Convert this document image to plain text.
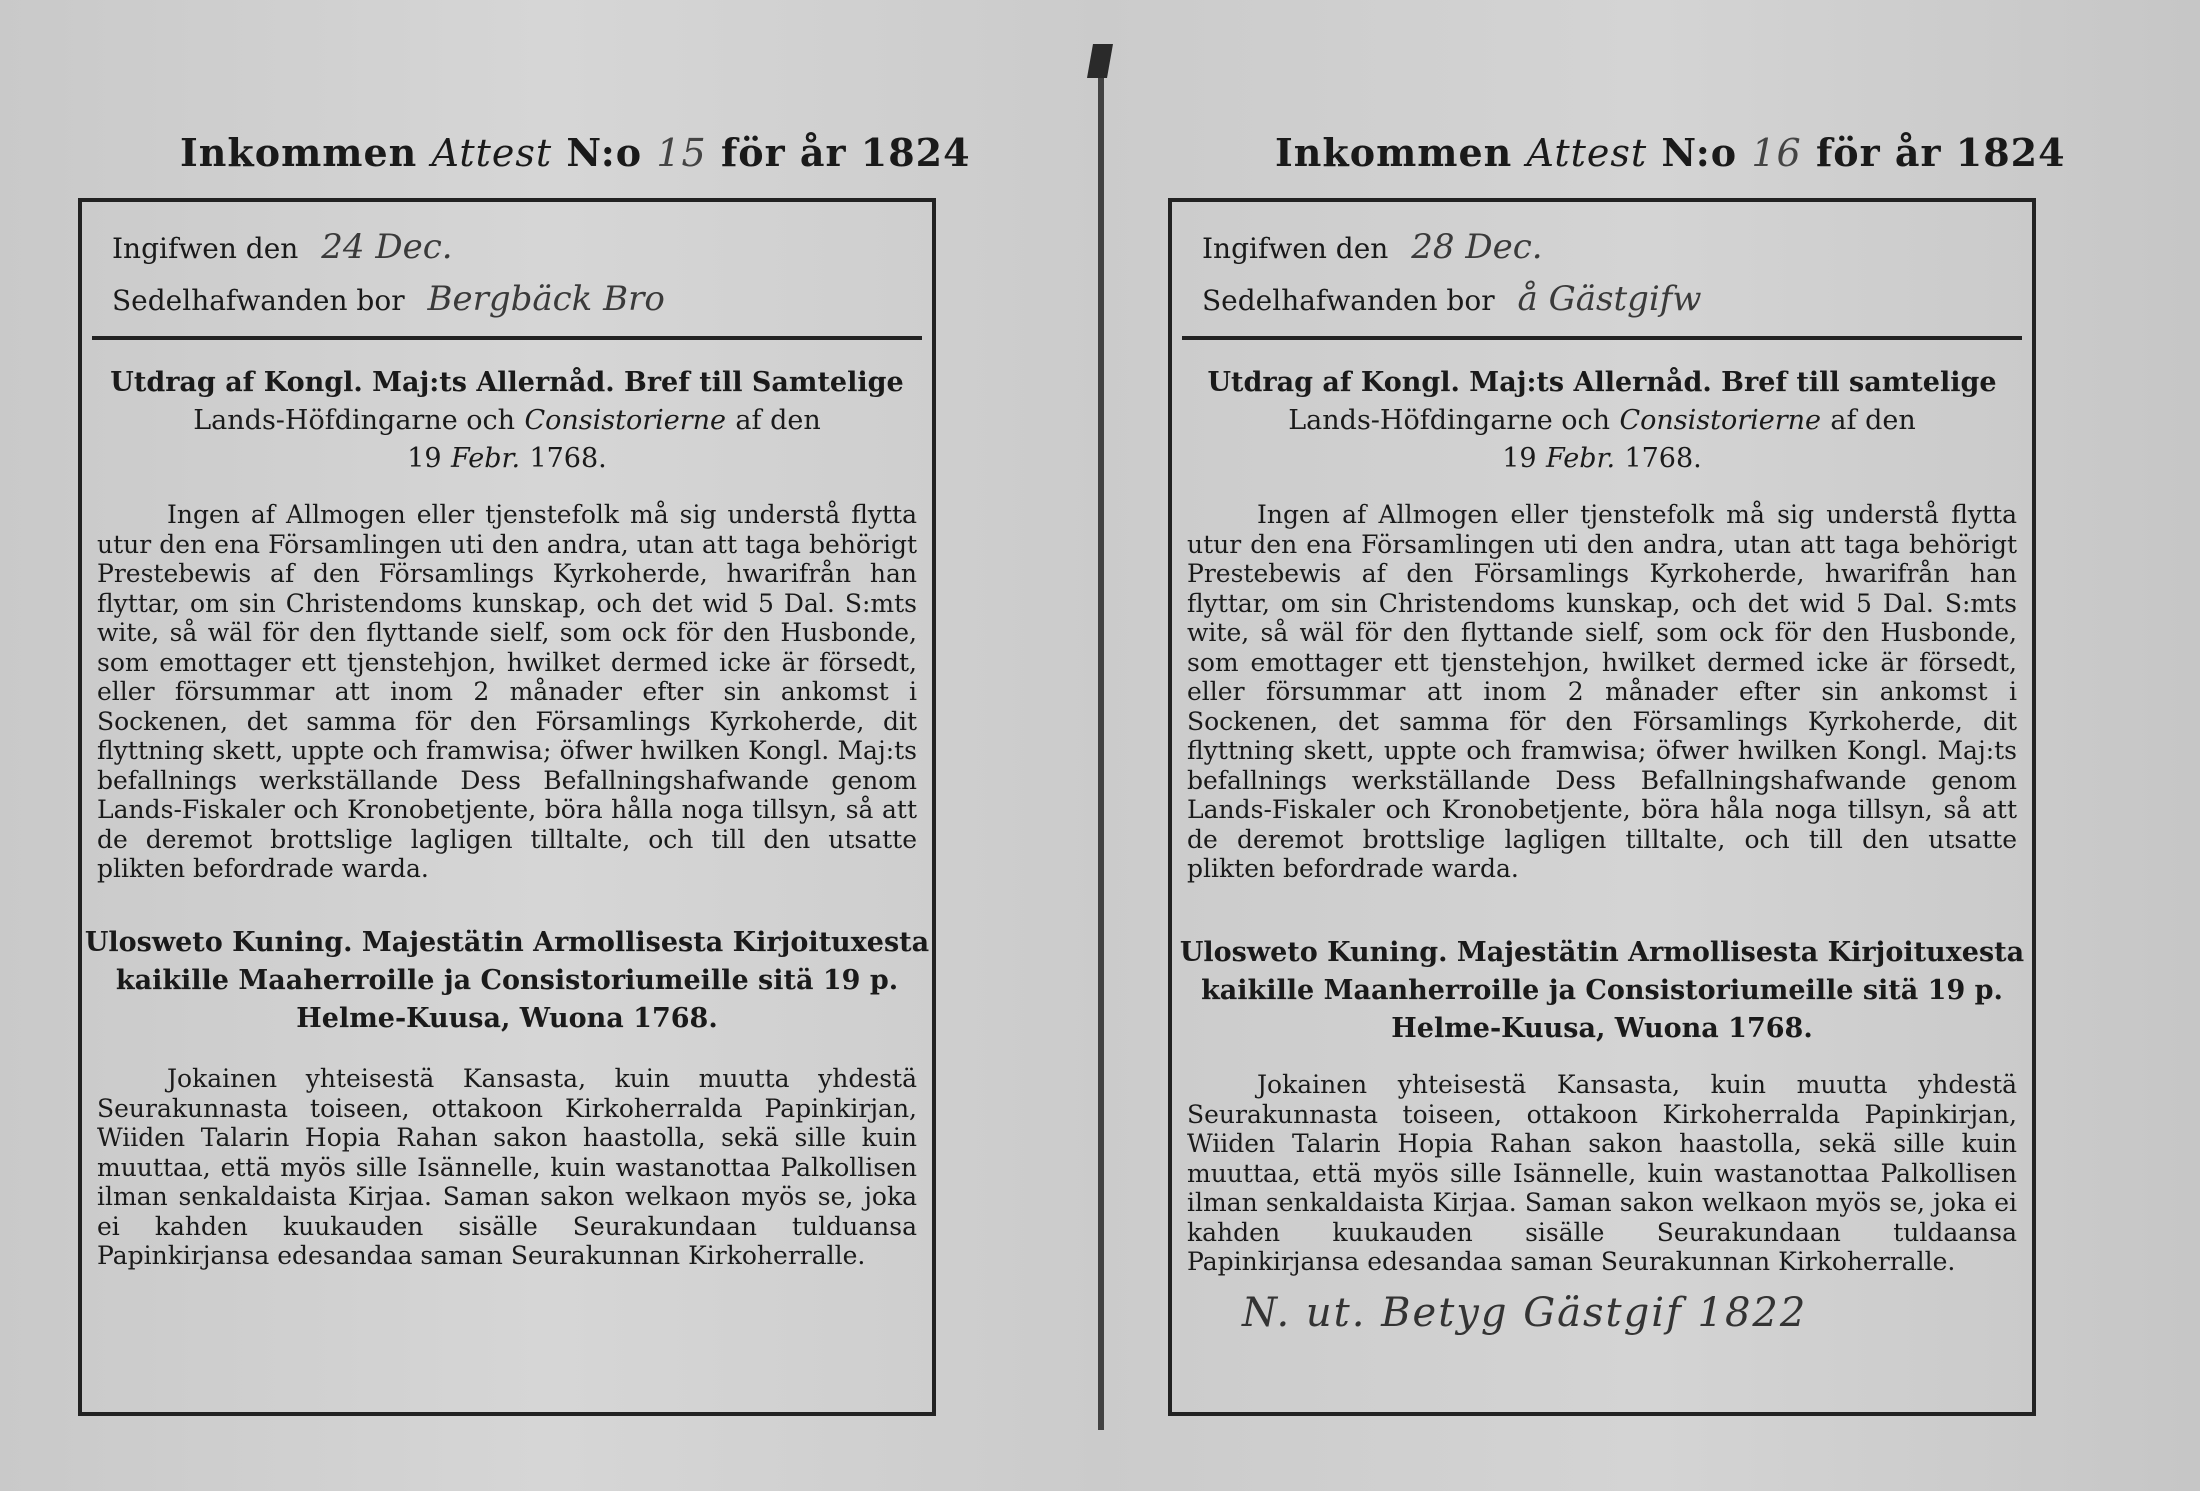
Inkommen Attest N:o 15 för år 1824
Ingifwen den 24 Dec.
Sedelhafwanden bor Bergbäck Bro
Utdrag af Kongl. Maj:ts Allernåd. Bref till Samtelige
Lands-Höfdingarne och Consistorierne af den
19 Febr. 1768.
Ingen af Allmogen eller tjenstefolk må sig understå flytta utur den ena Församlingen uti den andra, utan att taga behörigt Prestebewis af den Församlings Kyrkoherde, hwarifrån han flyttar, om sin Christendoms kunskap, och det wid 5 Dal. S:mts wite, så wäl för den flyttande sielf, som ock för den Husbonde, som emottager ett tjenstehjon, hwilket dermed icke är försedt, eller försummar att inom 2 månader efter sin ankomst i Sockenen, det samma för den Församlings Kyrkoherde, dit flyttning skett, uppte och framwisa; öfwer hwilken Kongl. Maj:ts befallnings werkställande Dess Befallningshafwande genom Lands-Fiskaler och Kronobetjente, böra hålla noga tillsyn, så att de deremot brottslige lagligen tilltalte, och till den utsatte plikten befordrade warda.
Ulosweto Kuning. Majestätin Armollisesta Kirjoituxesta
kaikille Maaherroille ja Consistoriumeille sitä 19 p.
Helme-Kuusa, Wuona 1768.
Jokainen yhteisestä Kansasta, kuin muutta yhdestä Seurakunnasta toiseen, ottakoon Kirkoherralda Papinkirjan, Wiiden Talarin Hopia Rahan sakon haastolla, sekä sille kuin muuttaa, että myös sille Isännelle, kuin wastanottaa Palkollisen ilman senkaldaista Kirjaa. Saman sakon welkaon myös se, joka ei kahden kuukauden sisälle Seurakundaan tulduansa Papinkirjansa edesandaa saman Seurakunnan Kirkoherralle.
Inkommen Attest N:o 16 för år 1824
Ingifwen den 28 Dec.
Sedelhafwanden bor å Gästgifw
Utdrag af Kongl. Maj:ts Allernåd. Bref till samtelige
Lands-Höfdingarne och Consistorierne af den
19 Febr. 1768.
Ingen af Allmogen eller tjenstefolk må sig understå flytta utur den ena Församlingen uti den andra, utan att taga behörigt Prestebewis af den Församlings Kyrkoherde, hwarifrån han flyttar, om sin Christendoms kunskap, och det wid 5 Dal. S:mts wite, så wäl för den flyttande sielf, som ock för den Husbonde, som emottager ett tjenstehjon, hwilket dermed icke är försedt, eller försummar att inom 2 månader efter sin ankomst i Sockenen, det samma för den Församlings Kyrkoherde, dit flyttning skett, uppte och framwisa; öfwer hwilken Kongl. Maj:ts befallnings werkställande Dess Befallningshafwande genom Lands-Fiskaler och Kronobetjente, böra håla noga tillsyn, så att de deremot brottslige lagligen tilltalte, och till den utsatte plikten befordrade warda.
Ulosweto Kuning. Majestätin Armollisesta Kirjoituxesta
kaikille Maanherroille ja Consistoriumeille sitä 19 p.
Helme-Kuusa, Wuona 1768.
Jokainen yhteisestä Kansasta, kuin muutta yhdestä Seurakunnasta toiseen, ottakoon Kirkoherralda Papinkirjan, Wiiden Talarin Hopia Rahan sakon haastolla, sekä sille kuin muuttaa, että myös sille Isännelle, kuin wastanottaa Palkollisen ilman senkaldaista Kirjaa. Saman sakon welkaon myös se, joka ei kahden kuukauden sisälle Seurakundaan tuldaansa Papinkirjansa edesandaa saman Seurakunnan Kirkoherralle.
N. ut. Betyg Gästgif 1822
